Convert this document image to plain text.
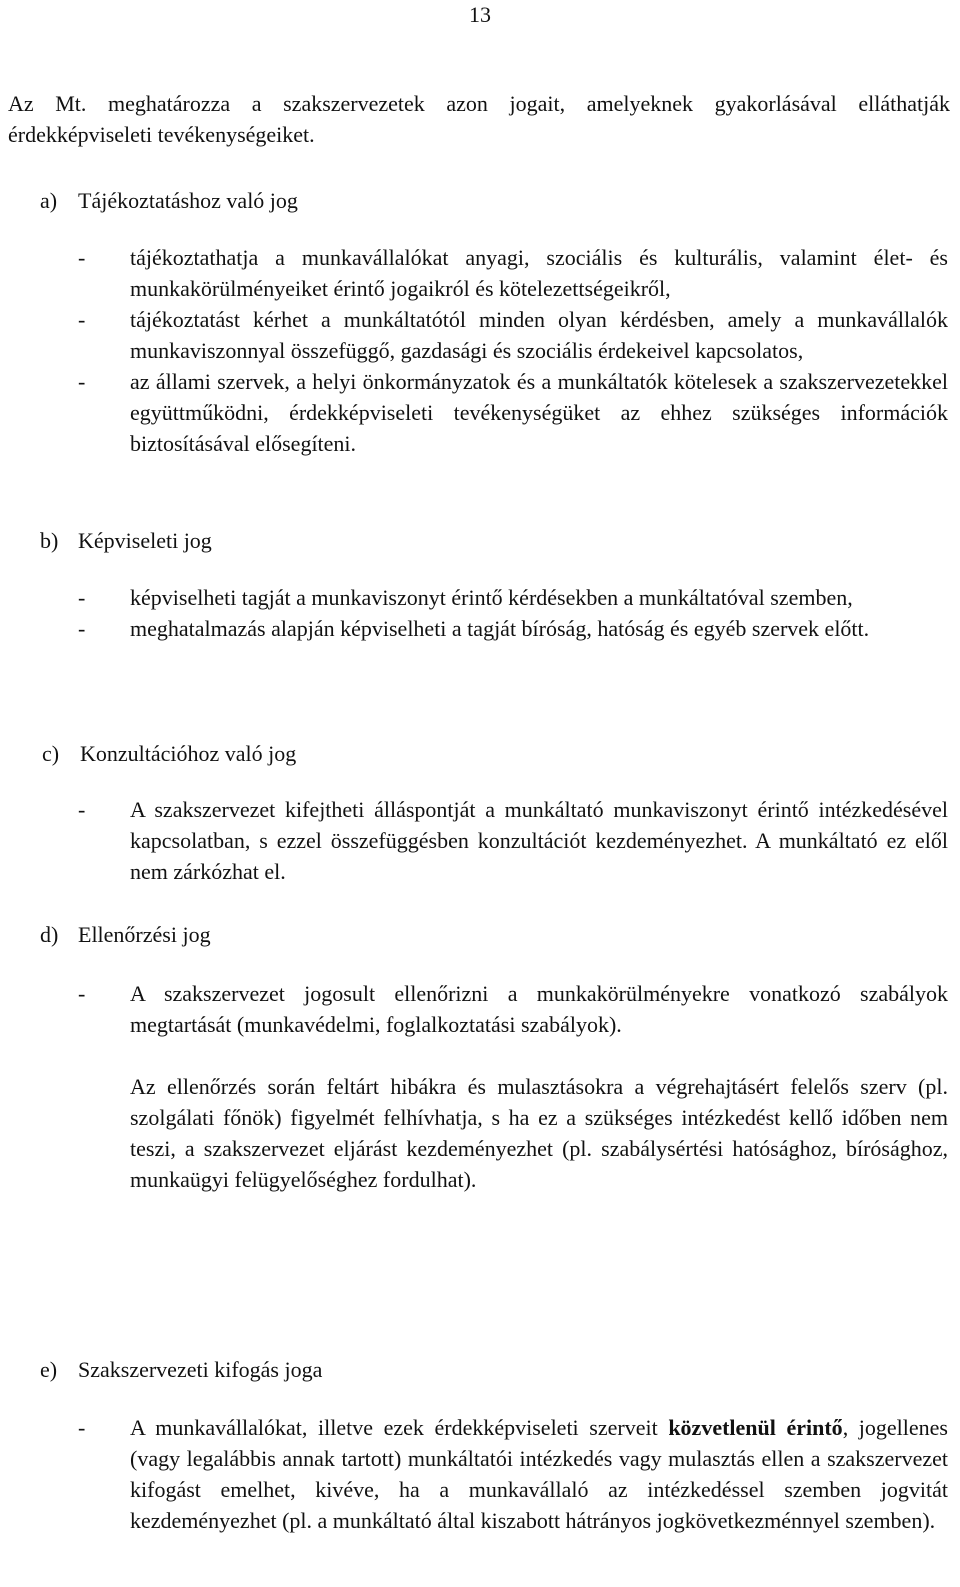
13

Az Mt. meghatározza a szakszervezetek azon jogait, amelyeknek gyakorlásával elláthatják érdekképviseleti tevékenységeiket.

a) Tájékoztatáshoz való jog
- tájékoztathatja a munkavállalókat anyagi, szociális és kulturális, valamint élet- és munkakörülményeiket érintő jogaikról és kötelezettségeikről,
- tájékoztatást kérhet a munkáltatótól minden olyan kérdésben, amely a munkavállalók munkaviszonnyal összefüggő, gazdasági és szociális érdekeivel kapcsolatos,
- az állami szervek, a helyi önkormányzatok és a munkáltatók kötelesek a szakszervezetekkel együttműködni, érdekképviseleti tevékenységüket az ehhez szükséges információk biztosításával elősegíteni.
b) Képviseleti jog
- képviselheti tagját a munkaviszonyt érintő kérdésekben a munkáltatóval szemben,
- meghatalmazás alapján képviselheti a tagját bíróság, hatóság és egyéb szervek előtt.
c) Konzultációhoz való jog
- A szakszervezet kifejtheti álláspontját a munkáltató munkaviszonyt érintő intézkedésével kapcsolatban, s ezzel összefüggésben konzultációt kezdeményezhet. A munkáltató ez elől nem zárkózhat el.
d) Ellenőrzési jog
- A szakszervezet jogosult ellenőrizni a munkakörülményekre vonatkozó szabályok megtartását (munkavédelmi, foglalkoztatási szabályok).

Az ellenőrzés során feltárt hibákra és mulasztásokra a végrehajtásért felelős szerv (pl. szolgálati főnök) figyelmét felhívhatja, s ha ez a szükséges intézkedést kellő időben nem teszi, a szakszervezet eljárást kezdeményezhet (pl. szabálysértési hatósághoz, bírósághoz, munkaügyi felügyelőséghez fordulhat).

e) Szakszervezeti kifogás joga
- A munkavállalókat, illetve ezek érdekképviseleti szerveit közvetlenül érintő, jogellenes (vagy legalábbis annak tartott) munkáltatói intézkedés vagy mulasztás ellen a szakszervezet kifogást emelhet, kivéve, ha a munkavállaló az intézkedéssel szemben jogvitát kezdeményezhet (pl. a munkáltató által kiszabott hátrányos jogkövetkezménnyel szemben).
